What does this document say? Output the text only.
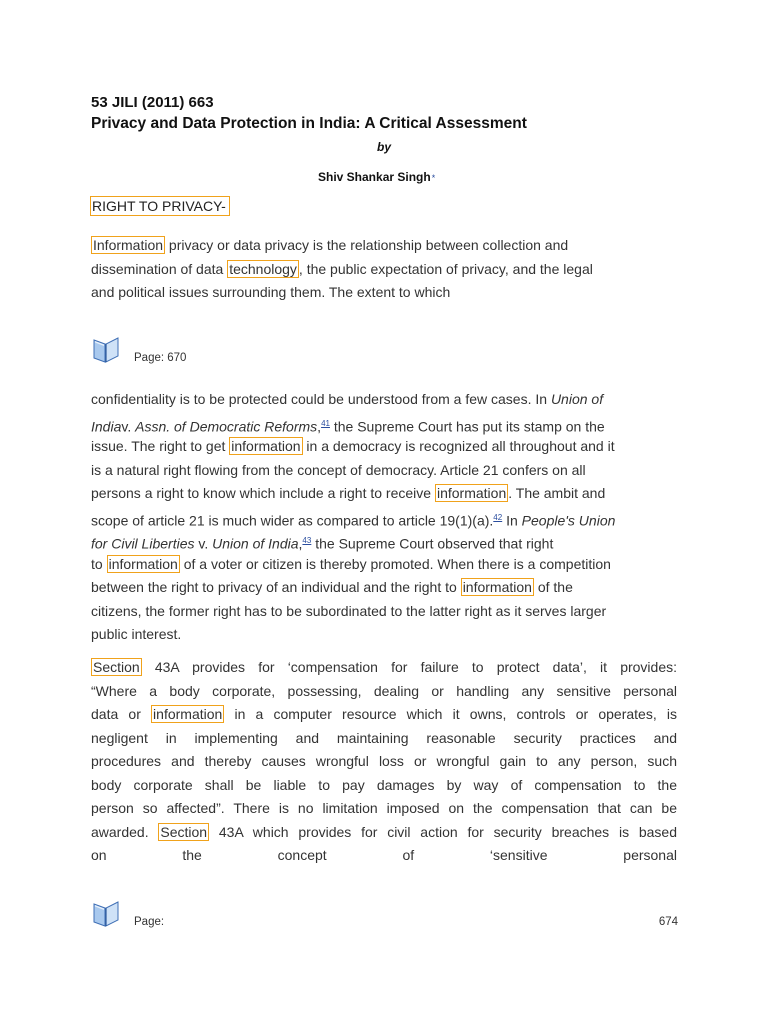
53 JILI (2011) 663
Privacy and Data Protection in India: A Critical Assessment
by
Shiv Shankar Singh*
RIGHT TO PRIVACY-
Information privacy or data privacy is the relationship between collection and
dissemination of data technology , the public expectation of privacy, and the legal
and political issues surrounding them. The extent to which
Page: 670
confidentiality is to be protected could be understood from a few cases. In Union of
Indiav. Assn. of Democratic Reforms,$^{41}$ the Supreme Court has put its stamp on the
issue. The right to get information in a democracy is recognized all throughout and it
is a natural right flowing from the concept of democracy. Article 21 confers on all
persons a right to know which include a right to receive information . The ambit and
scope of article 21 is much wider as compared to article 19(1)(a).$^{42}$ In People's Union
for Civil Liberties v. Union of India,$^{43}$ the Supreme Court observed that right
to information of a voter or citizen is thereby promoted. When there is a competition
between the right to privacy of an individual and the right to information of the
citizens, the former right has to be subordinated to the latter right as it serves larger
public interest.
Section 43A provides for ‘compensation for failure to protect data’, it provides:
“Where a body corporate, possessing, dealing or handling any sensitive personal
data or information in a computer resource which it owns, controls or operates, is
negligent in implementing and maintaining reasonable security practices and
procedures and thereby causes wrongful loss or wrongful gain to any person, such
body corporate shall be liable to pay damages by way of compensation to the
person so affected”. There is no limitation imposed on the compensation that can be
awarded. Section 43A which provides for civil action for security breaches is based
on the concept of ‘sensitive personal
Page:	674
